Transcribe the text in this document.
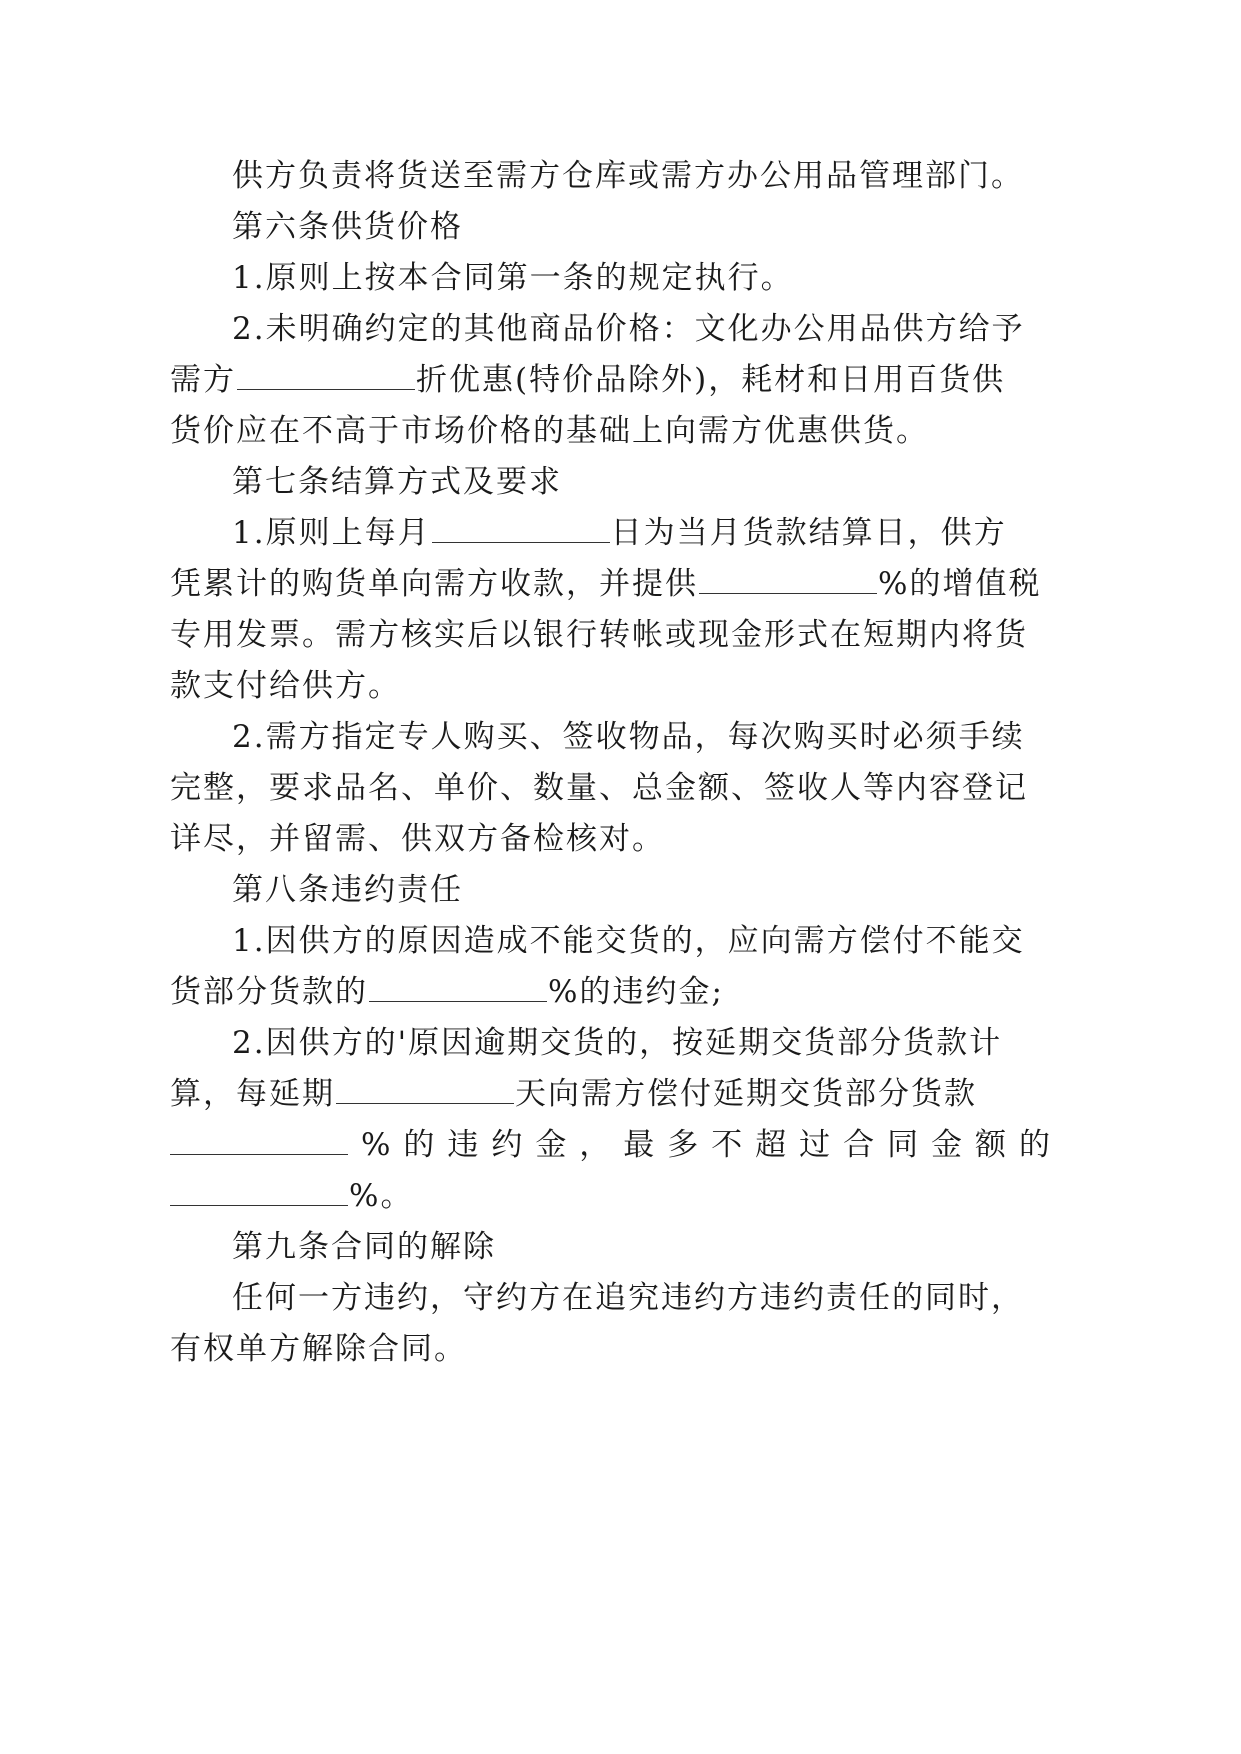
供方负责将货送至需方仓库或需方办公用品管理部门。
第六条供货价格
1.原则上按本合同第一条的规定执行。
2.未明确约定的其他商品价格：文化办公用品供方给予
需方	折优惠(特价品除外)，耗材和日用百货供
货价应在不高于市场价格的基础上向需方优惠供货。
第七条结算方式及要求
1.原则上每月	日为当月货款结算日，供方
凭累计的购货单向需方收款，并提供	%的增值税
专用发票。需方核实后以银行转帐或现金形式在短期内将货
款支付给供方。
2.需方指定专人购买、签收物品，每次购买时必须手续
完整，要求品名、单价、数量、总金额、签收人等内容登记
详尽，并留需、供双方备检核对。
第八条违约责任
1.因供方的原因造成不能交货的，应向需方偿付不能交
货部分货款的	%的违约金;
2.因供方的'原因逾期交货的，按延期交货部分货款计
算，每延期	天向需方偿付延期交货部分货款
% 的 违 约 金 ， 最 多 不 超 过 合 同 金 额 的
%。
第九条合同的解除
任何一方违约，守约方在追究违约方违约责任的同时，
有权单方解除合同。
